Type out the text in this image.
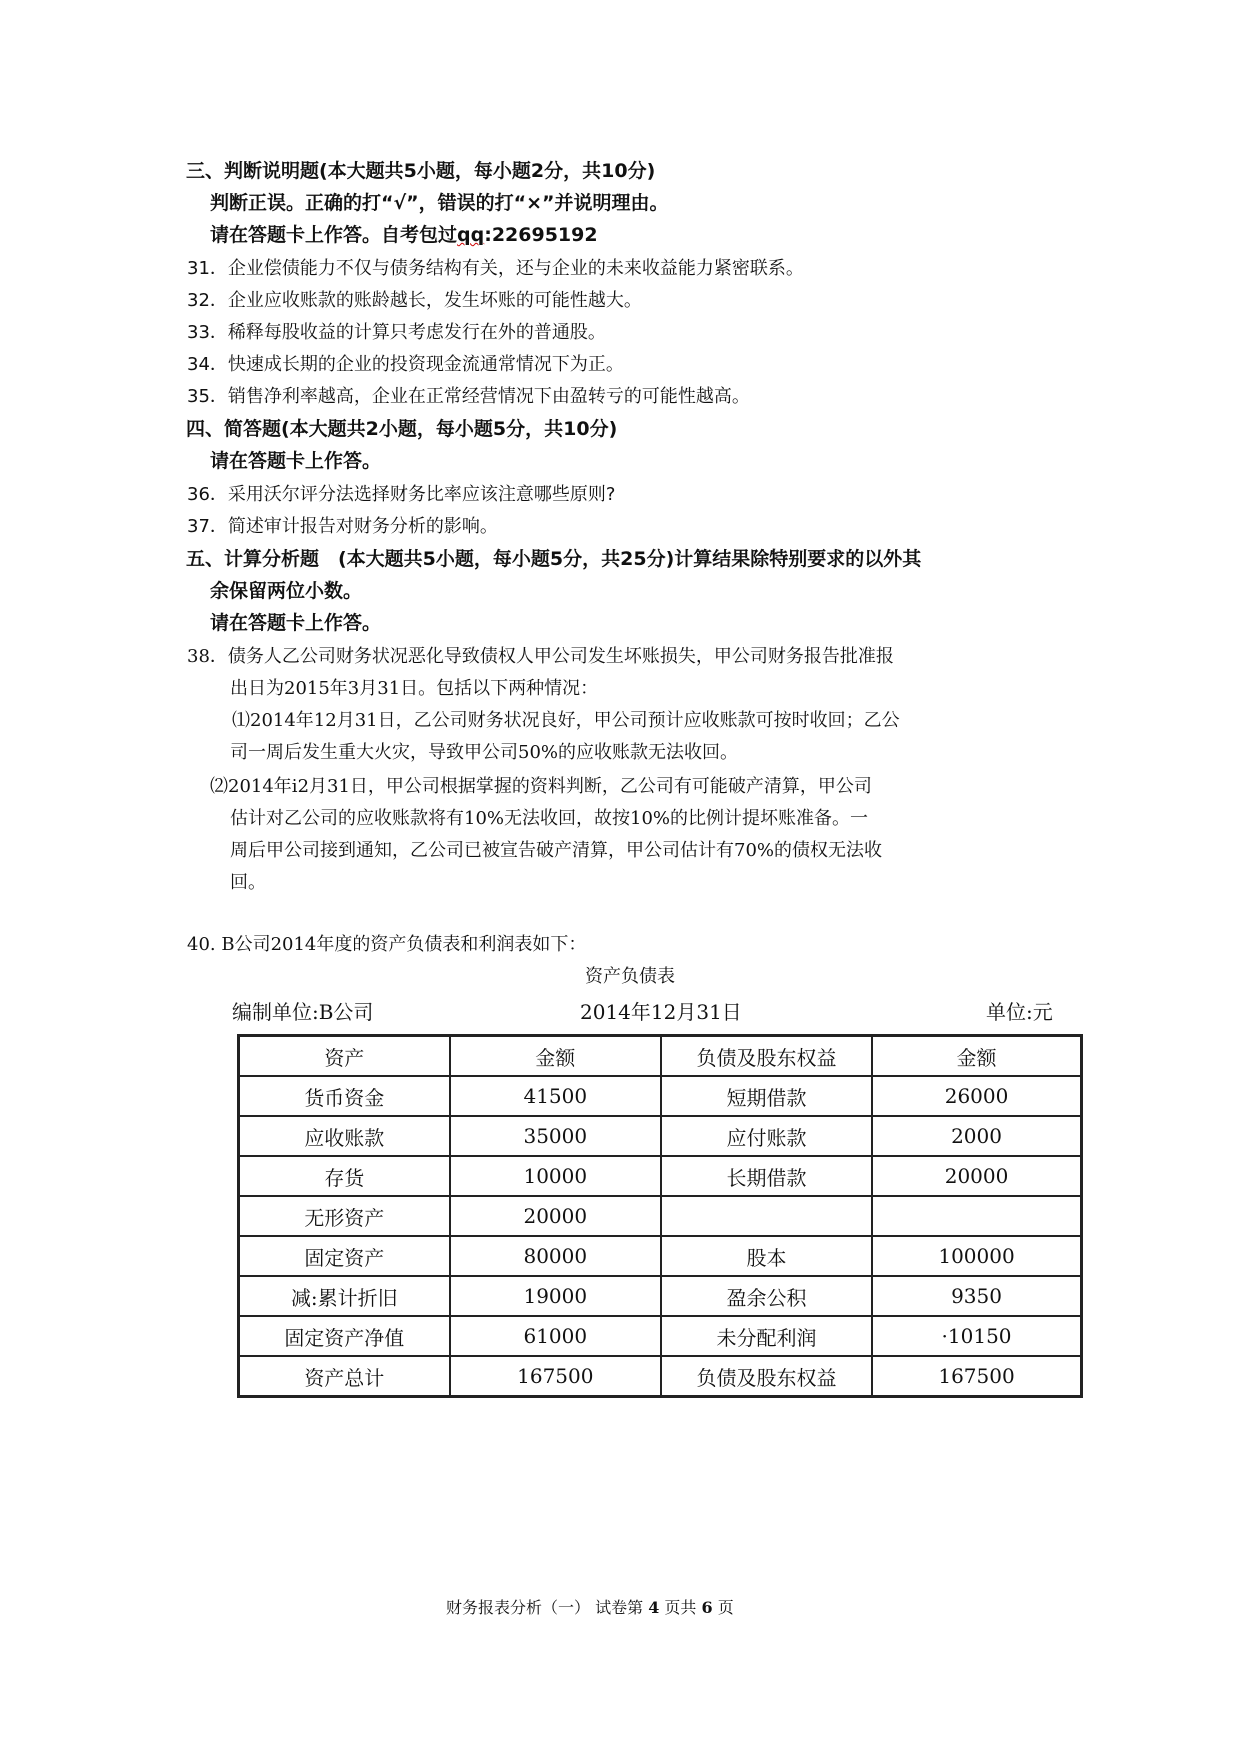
三、判断说明题(本大题共5小题，每小题2分，共10分)
判断正误。正确的打“√”，错误的打“×”并说明理由。
请在答题卡上作答。自考包过qq:22695192
31．企业偿债能力不仅与债务结构有关，还与企业的未来收益能力紧密联系。
32．企业应收账款的账龄越长，发生坏账的可能性越大。
33．稀释每股收益的计算只考虑发行在外的普通股。
34．快速成长期的企业的投资现金流通常情况下为正。
35．销售净利率越高，企业在正常经营情况下由盈转亏的可能性越高。
四、简答题(本大题共2小题，每小题5分，共10分)
请在答题卡上作答。
36．采用沃尔评分法选择财务比率应该注意哪些原则?
37．简述审计报告对财务分析的影响。
五、计算分析题　(本大题共5小题，每小题5分，共25分)计算结果除特别要求的以外其
余保留两位小数。
请在答题卡上作答。
38．债务人乙公司财务状况恶化导致债权人甲公司发生坏账损失，甲公司财务报告批准报
出日为2015年3月31日。包括以下两种情况：
⑴2014年12月31日，乙公司财务状况良好，甲公司预计应收账款可按时收回；乙公
司一周后发生重大火灾，导致甲公司50%的应收账款无法收回。
⑵2014年i2月31日，甲公司根据掌握的资料判断，乙公司有可能破产清算，甲公司
估计对乙公司的应收账款将有10%无法收回，故按10%的比例计提坏账准备。一
周后甲公司接到通知，乙公司已被宣告破产清算，甲公司估计有70%的债权无法收
回。
40. B公司2014年度的资产负债表和利润表如下：
资产负债表
编制单位:B公司	2014年12月31日	单位:元
资产	金额	负债及股东权益	金额
货币资金	41500	短期借款	26000
应收账款	35000	应付账款	2000
存货	10000	长期借款	20000
无形资产	20000		
固定资产	80000	股本	100000
减:累计折旧	19000	盈余公积	9350
固定资产净值	61000	未分配利润	·10150
资产总计	167500	负债及股东权益	167500
财务报表分析（一） 试卷第 4 页共 6 页
